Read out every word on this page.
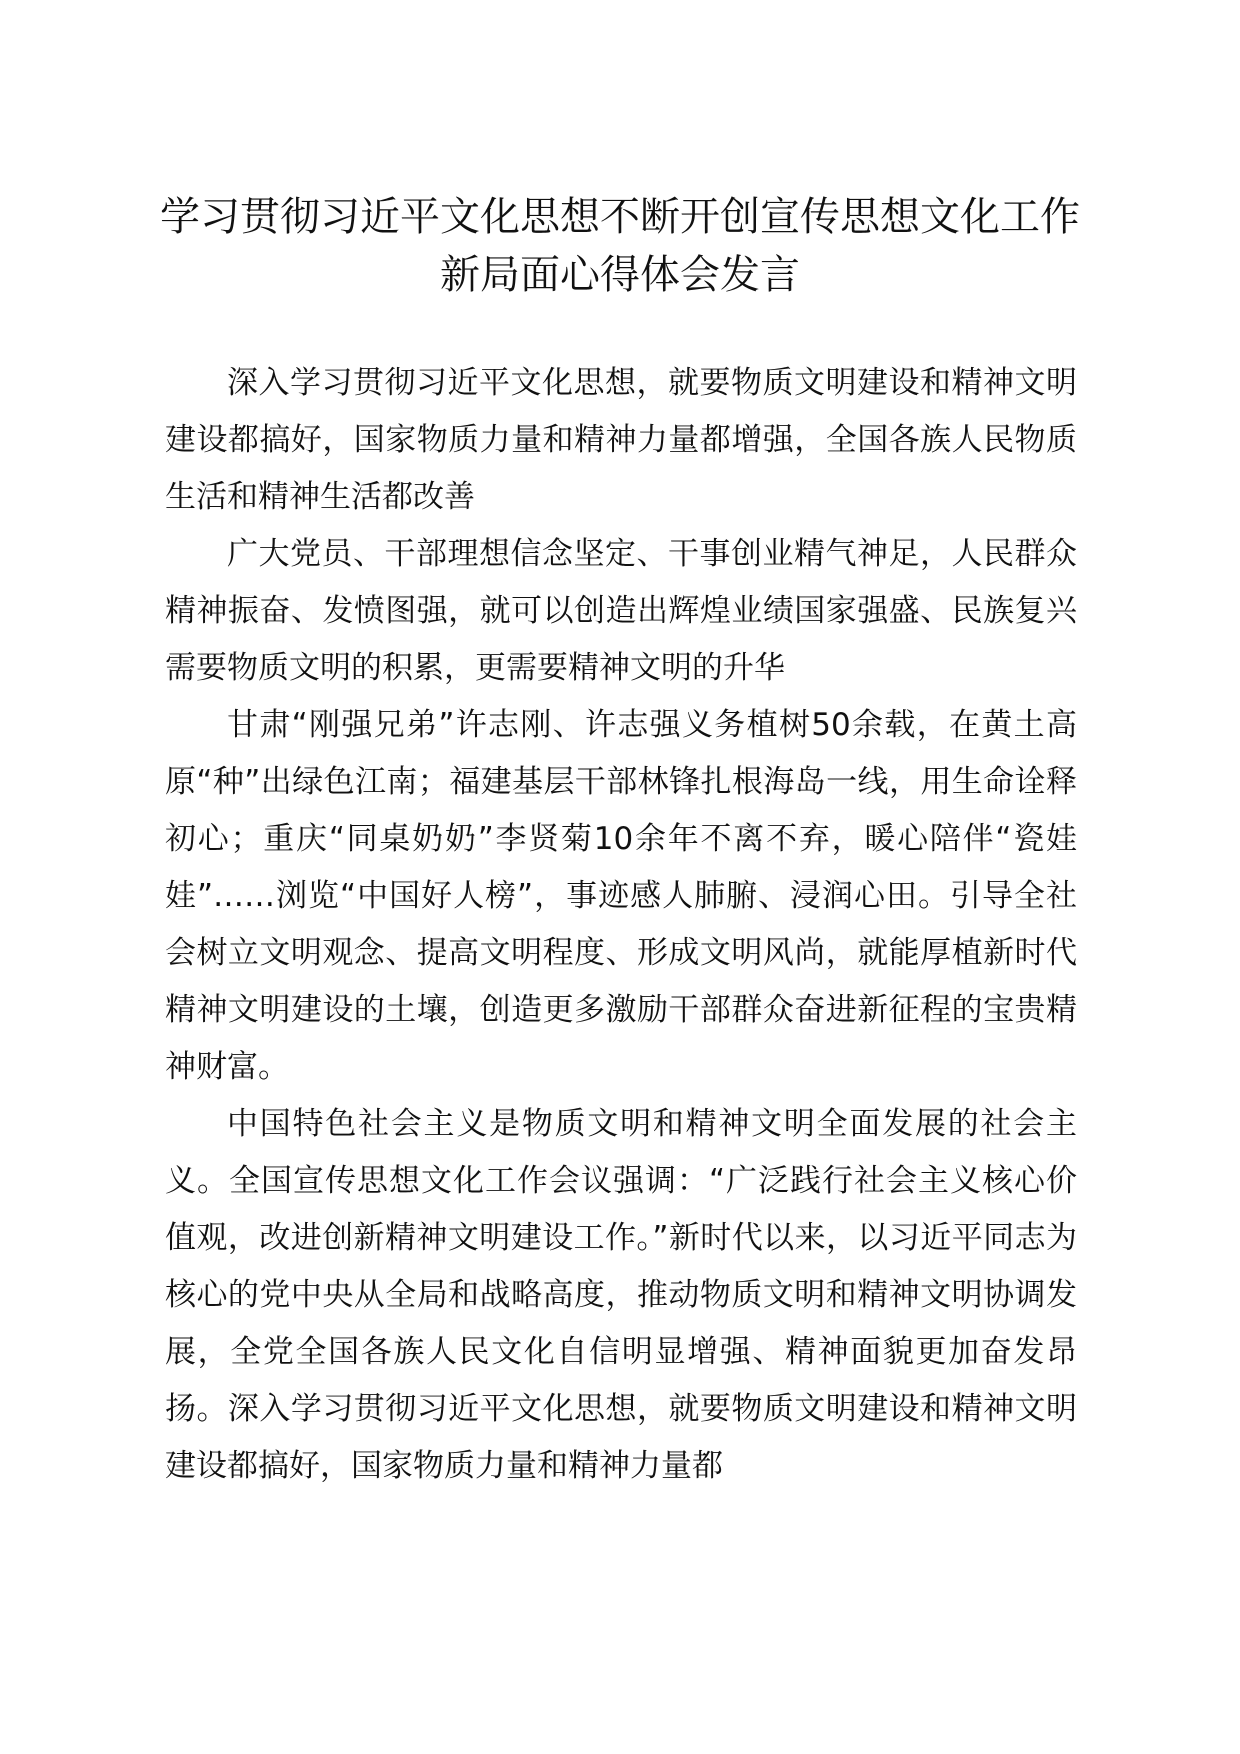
学习贯彻习近平文化思想不断开创宣传思想文化工作新局面心得体会发言

深入学习贯彻习近平文化思想，就要物质文明建设和精神文明建设都搞好，国家物质力量和精神力量都增强，全国各族人民物质生活和精神生活都改善

广大党员、干部理想信念坚定、干事创业精气神足，人民群众精神振奋、发愤图强，就可以创造出辉煌业绩国家强盛、民族复兴需要物质文明的积累，更需要精神文明的升华

甘肃“刚强兄弟”许志刚、许志强义务植树50余载，在黄土高原“种”出绿色江南；福建基层干部林锋扎根海岛一线，用生命诠释初心；重庆“同桌奶奶”李贤菊10余年不离不弃，暖心陪伴“瓷娃娃”……浏览“中国好人榜”，事迹感人肺腑、浸润心田。引导全社会树立文明观念、提高文明程度、形成文明风尚，就能厚植新时代精神文明建设的土壤，创造更多激励干部群众奋进新征程的宝贵精神财富。

中国特色社会主义是物质文明和精神文明全面发展的社会主义。全国宣传思想文化工作会议强调：“广泛践行社会主义核心价值观，改进创新精神文明建设工作。”新时代以来，以习近平同志为核心的党中央从全局和战略高度，推动物质文明和精神文明协调发展，全党全国各族人民文化自信明显增强、精神面貌更加奋发昂扬。深入学习贯彻习近平文化思想，就要物质文明建设和精神文明建设都搞好，国家物质力量和精神力量都
